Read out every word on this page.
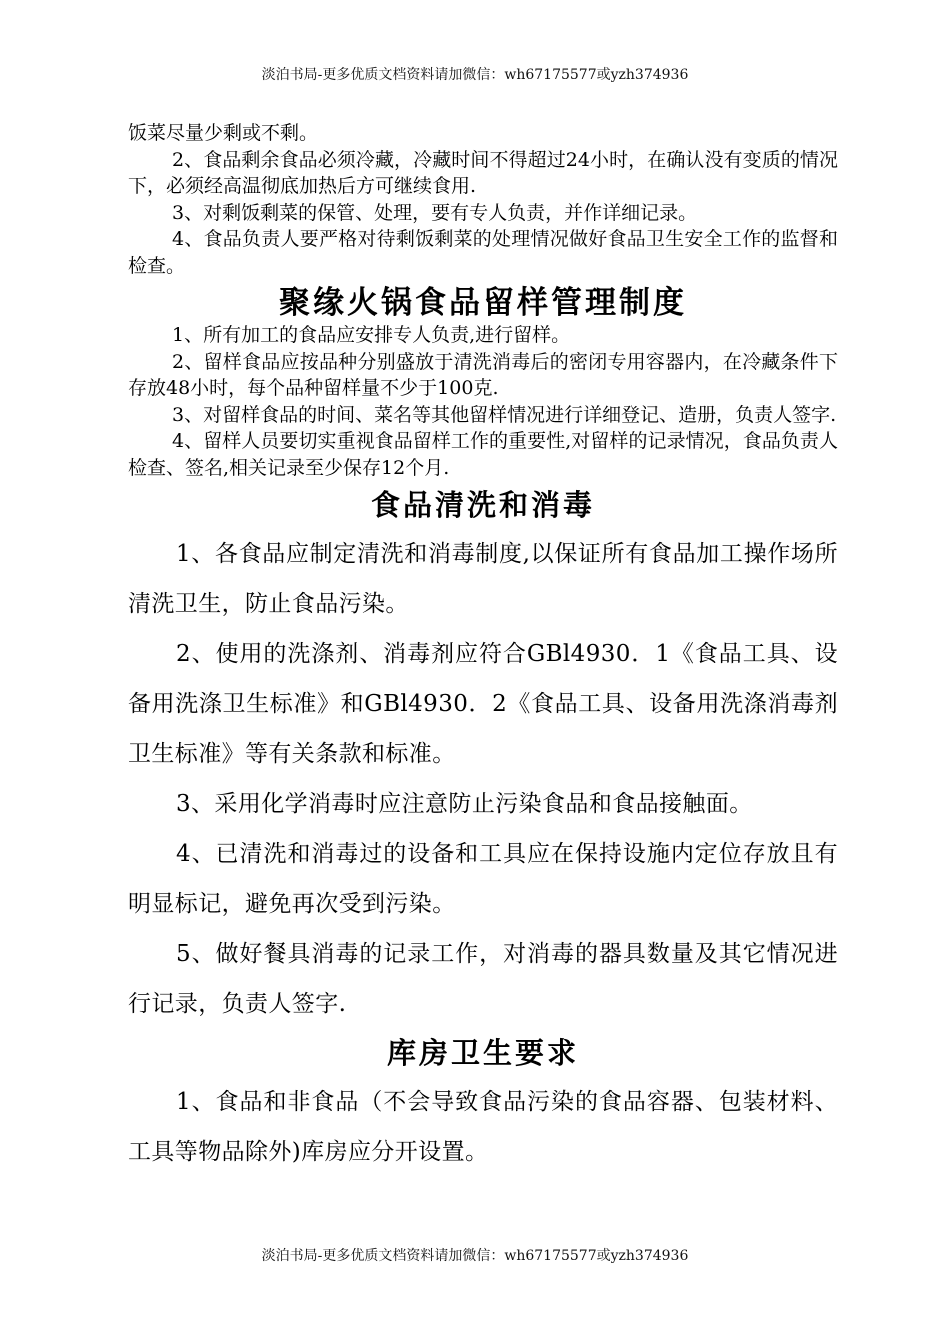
淡泊书局-更多优质文档资料请加微信：wh67175577或yzh374936

饭菜尽量少剩或不剩。

2、食品剩余食品必须冷藏，冷藏时间不得超过24小时，在确认没有变质的情况下，必须经高温彻底加热后方可继续食用.

3、对剩饭剩菜的保管、处理，要有专人负责，并作详细记录。

4、食品负责人要严格对待剩饭剩菜的处理情况做好食品卫生安全工作的监督和检查。

聚缘火锅食品留样管理制度

1、所有加工的食品应安排专人负责,进行留样。

2、留样食品应按品种分别盛放于清洗消毒后的密闭专用容器内，在冷藏条件下存放48小时，每个品种留样量不少于100克.

3、对留样食品的时间、菜名等其他留样情况进行详细登记、造册，负责人签字.

4、留样人员要切实重视食品留样工作的重要性,对留样的记录情况，食品负责人检查、签名,相关记录至少保存12个月.

食品清洗和消毒

1、各食品应制定清洗和消毒制度,以保证所有食品加工操作场所清洗卫生，防止食品污染。

2、使用的洗涤剂、消毒剂应符合GBl4930．1《食品工具、设备用洗涤卫生标准》和GBl4930．2《食品工具、设备用洗涤消毒剂卫生标准》等有关条款和标准。

3、采用化学消毒时应注意防止污染食品和食品接触面。

4、已清洗和消毒过的设备和工具应在保持设施内定位存放且有明显标记，避免再次受到污染。

5、做好餐具消毒的记录工作，对消毒的器具数量及其它情况进行记录，负责人签字.

库房卫生要求

1、食品和非食品（不会导致食品污染的食品容器、包装材料、工具等物品除外)库房应分开设置。

淡泊书局-更多优质文档资料请加微信：wh67175577或yzh374936
